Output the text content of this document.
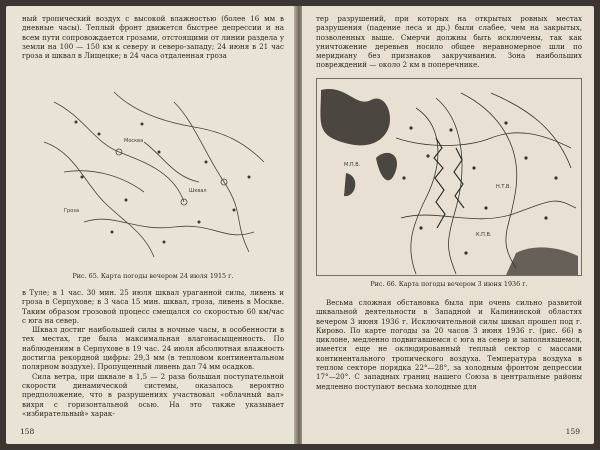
ный тропический воздух с высокой влажностью (более 16 мм в дневные часы). Теплый фронт движется быстрее депрессии и на всем пути сопровождается грозами, отстоящими от линии раздела у земли на 100 — 150 км к северу и северо-западу; 24 июня в 21 час гроза и шквал в Лищецке; в 24 часа отдаленная гроза

Москва
Шквал
Гроза
Рис. 65. Карта погоды вечером 24 июля 1915 г.

в Туле; в 1 час. 30 мин. 25 июля шквал ураганной силы, ливень и гроза в Серпухове; в 3 часа 15 мин. шквал, гроза, ливень в Москве. Таким образом грозовой процесс смещался со скоростью 60 км/час с юга на север.

Шквал достиг наибольшей силы в ночные часы, в особенности в тех местах, где была максимальная влагонасыщенность. По наблюдениям в Серпухове в 19 час. 24 июля абсолютная влажность достигла рекордной цифры: 29,3 мм (в тепловом континентальном полярном воздухе). Пропущенный ливень дал 74 мм осадков.

Сила ветра, при шквале в 1,5 — 2 раза большая поступательной скорости динамической системы, оказалось вероятно предположение, что в разрушениях участвовал «облачный вал» вихря с горизонтальной осью. На это также указывает «избирательный» харак-

158

тер разрушений, при которых на открытых ровных местах разрушения (падение леса и др.) были слабее, чем на закрытых, позволенных выше. Смерчи должны быть исключены, так как уничтожение деревьев носило общее неравномерное шли по меридиану без признаков закручивания. Зона наибольших повреждений — около 2 км в поперечнике.

М.П.В.
Н.Т.В.
К.П.В.
Рис. 66. Карта погоды вечером 3 июня 1936 г.

Весьма сложная обстановка была при очень сильно развитой шквальной деятельности в Западной и Калининской областях вечером 3 июня 1936 г. Исключительной силы шквал прошел под г. Кирово. По карте погоды за 20 часов 3 июня 1936 г. (рис. 66) в циклоне, медленно подвигавшемся с юга на север и заполнявшемся, имеется еще не оклюдированный теплый сектор с массами континентального тропического воздуха. Температура воздуха в теплом секторе порядка 22°—28°, за холодным фронтом депрессии 17°—20°. С западных границ нашего Союза в центральные районы медленно поступают весьма холодные для

159
